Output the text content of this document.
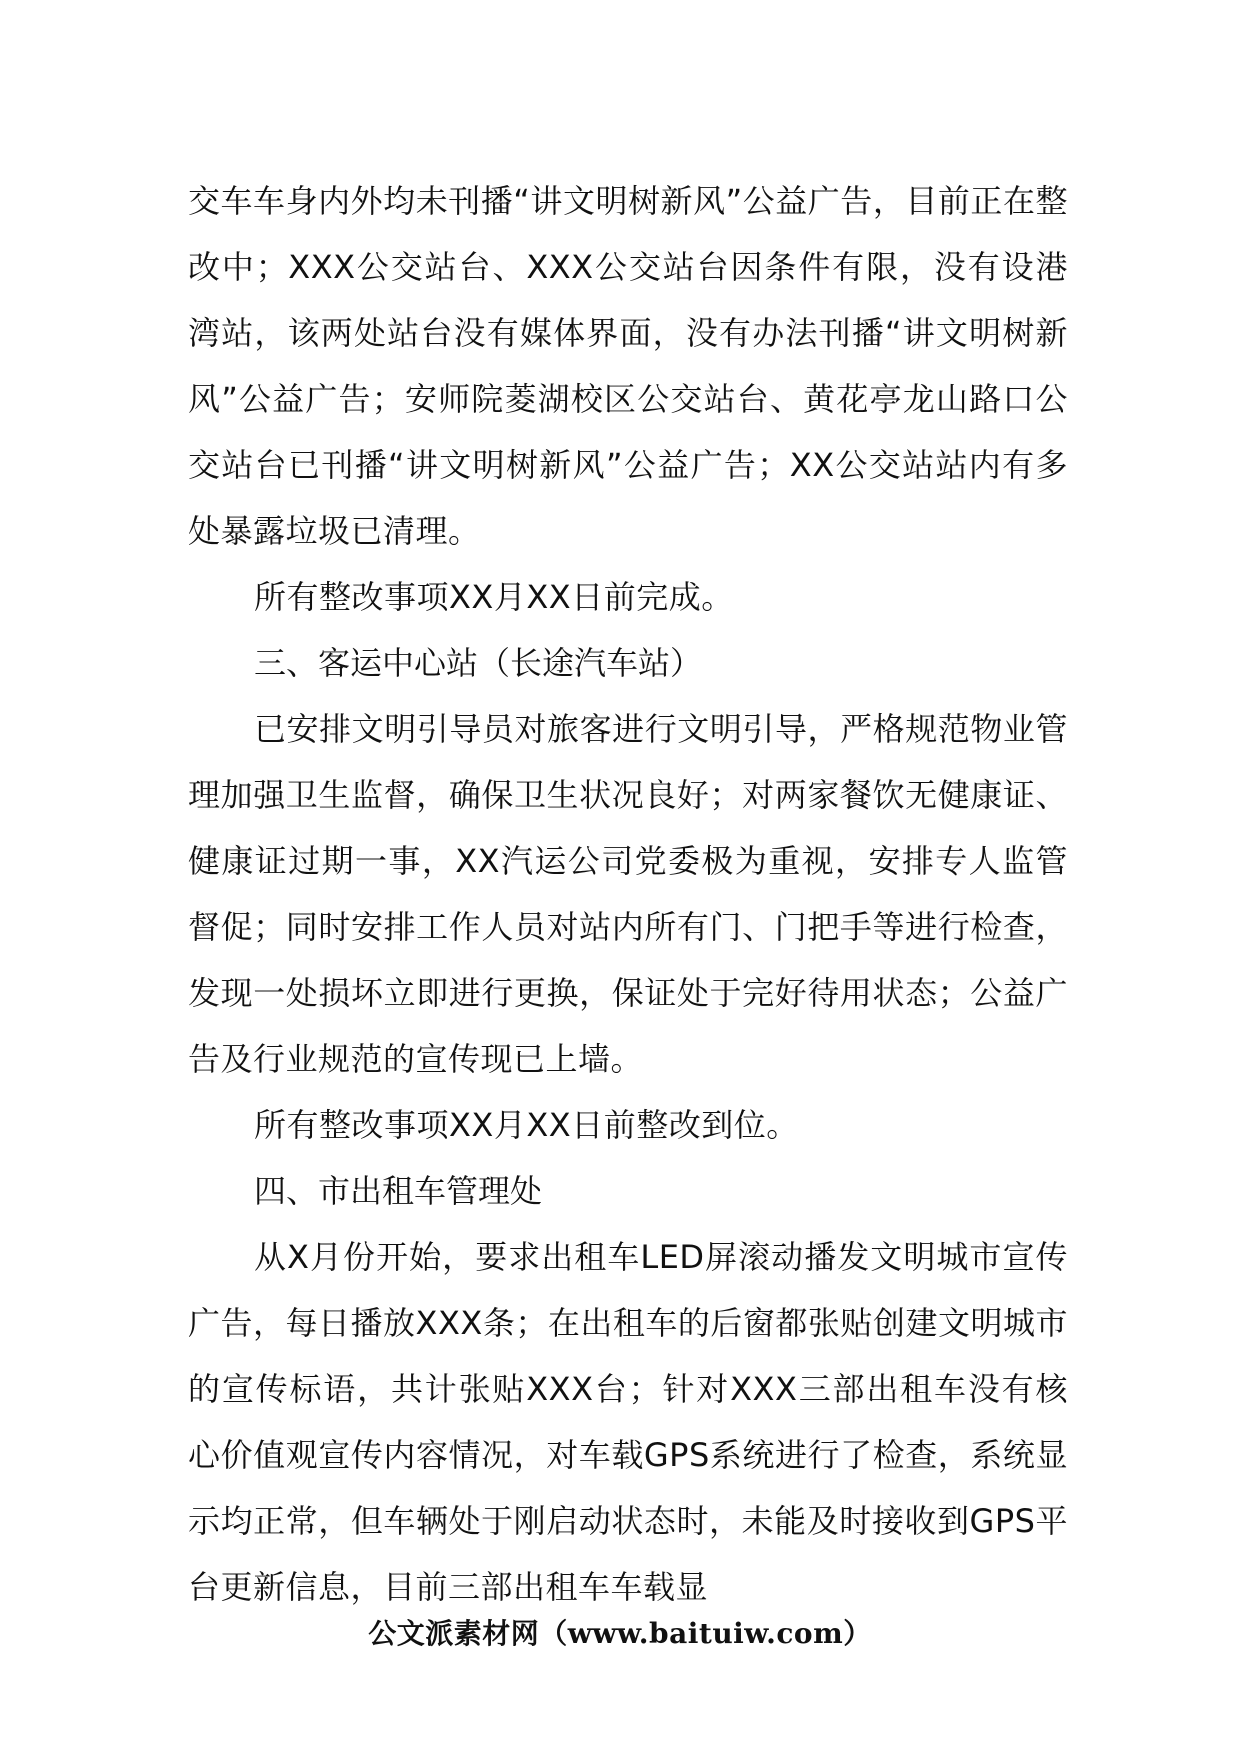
交车车身内外均未刊播“讲文明树新风”公益广告，目前正在整改中；XXX公交站台、XXX公交站台因条件有限，没有设港湾站，该两处站台没有媒体界面，没有办法刊播“讲文明树新风”公益广告；安师院菱湖校区公交站台、黄花亭龙山路口公交站台已刊播“讲文明树新风”公益广告；XX公交站站内有多处暴露垃圾已清理。

所有整改事项XX月XX日前完成。

三、客运中心站（长途汽车站）

已安排文明引导员对旅客进行文明引导，严格规范物业管理加强卫生监督，确保卫生状况良好；对两家餐饮无健康证、健康证过期一事，XX汽运公司党委极为重视，安排专人监管督促；同时安排工作人员对站内所有门、门把手等进行检查，发现一处损坏立即进行更换，保证处于完好待用状态；公益广告及行业规范的宣传现已上墙。

所有整改事项XX月XX日前整改到位。

四、市出租车管理处

从X月份开始，要求出租车LED屏滚动播发文明城市宣传广告，每日播放XXX条；在出租车的后窗都张贴创建文明城市的宣传标语，共计张贴XXX台；针对XXX三部出租车没有核心价值观宣传内容情况，对车载GPS系统进行了检查，系统显示均正常，但车辆处于刚启动状态时，未能及时接收到GPS平台更新信息，目前三部出租车车载显

公文派素材网（www.baituiw.com）
